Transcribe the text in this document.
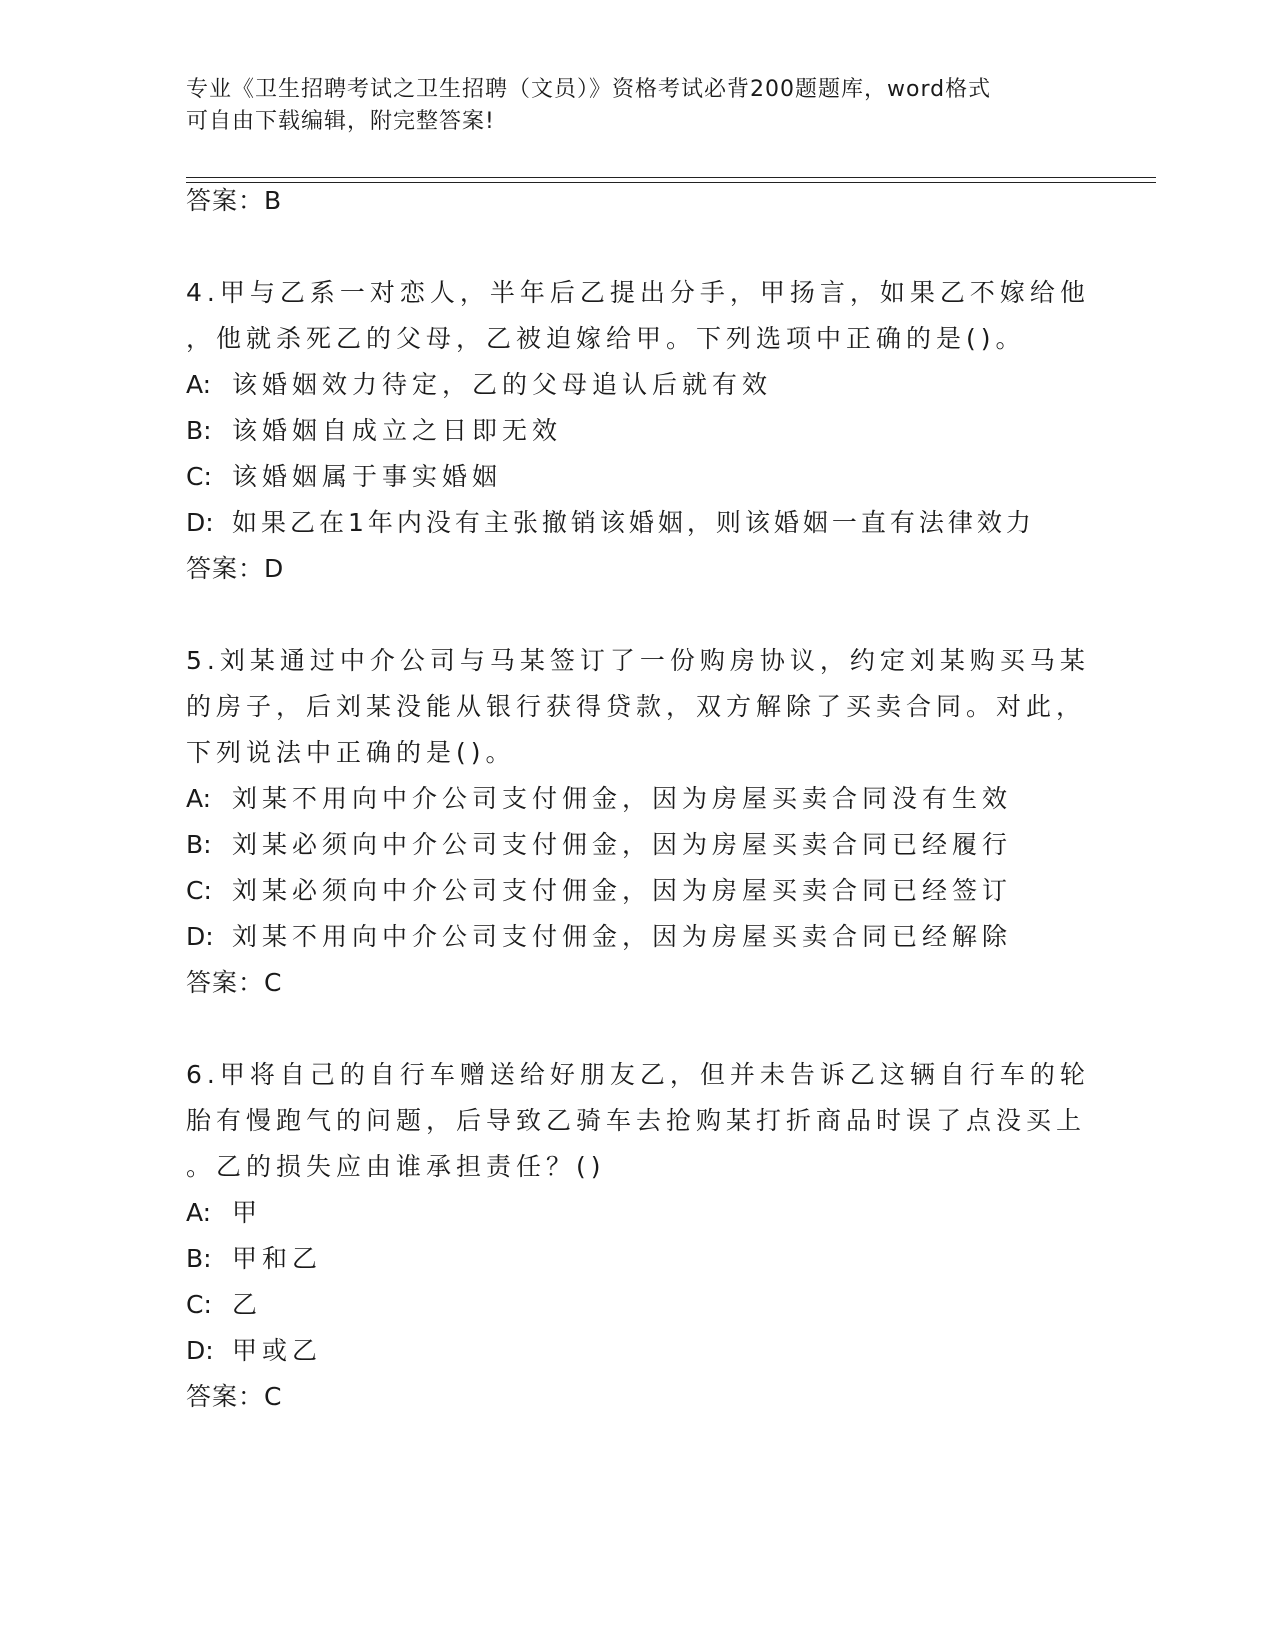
专业《卫生招聘考试之卫生招聘（文员）》资格考试必背200题题库，word格式
可自由下载编辑，附完整答案!
答案：B
4.甲与乙系一对恋人，半年后乙提出分手，甲扬言，如果乙不嫁给他
，他就杀死乙的父母，乙被迫嫁给甲。下列选项中正确的是()。
A: 该婚姻效力待定，乙的父母追认后就有效
B: 该婚姻自成立之日即无效
C: 该婚姻属于事实婚姻
D: 如果乙在1年内没有主张撤销该婚姻，则该婚姻一直有法律效力
答案：D
5.刘某通过中介公司与马某签订了一份购房协议，约定刘某购买马某
的房子，后刘某没能从银行获得贷款，双方解除了买卖合同。对此，
下列说法中正确的是()。
A: 刘某不用向中介公司支付佣金，因为房屋买卖合同没有生效
B: 刘某必须向中介公司支付佣金，因为房屋买卖合同已经履行
C: 刘某必须向中介公司支付佣金，因为房屋买卖合同已经签订
D: 刘某不用向中介公司支付佣金，因为房屋买卖合同已经解除
答案：C
6.甲将自己的自行车赠送给好朋友乙，但并未告诉乙这辆自行车的轮
胎有慢跑气的问题，后导致乙骑车去抢购某打折商品时误了点没买上
。乙的损失应由谁承担责任？()
A: 甲
B: 甲和乙
C: 乙
D: 甲或乙
答案：C
